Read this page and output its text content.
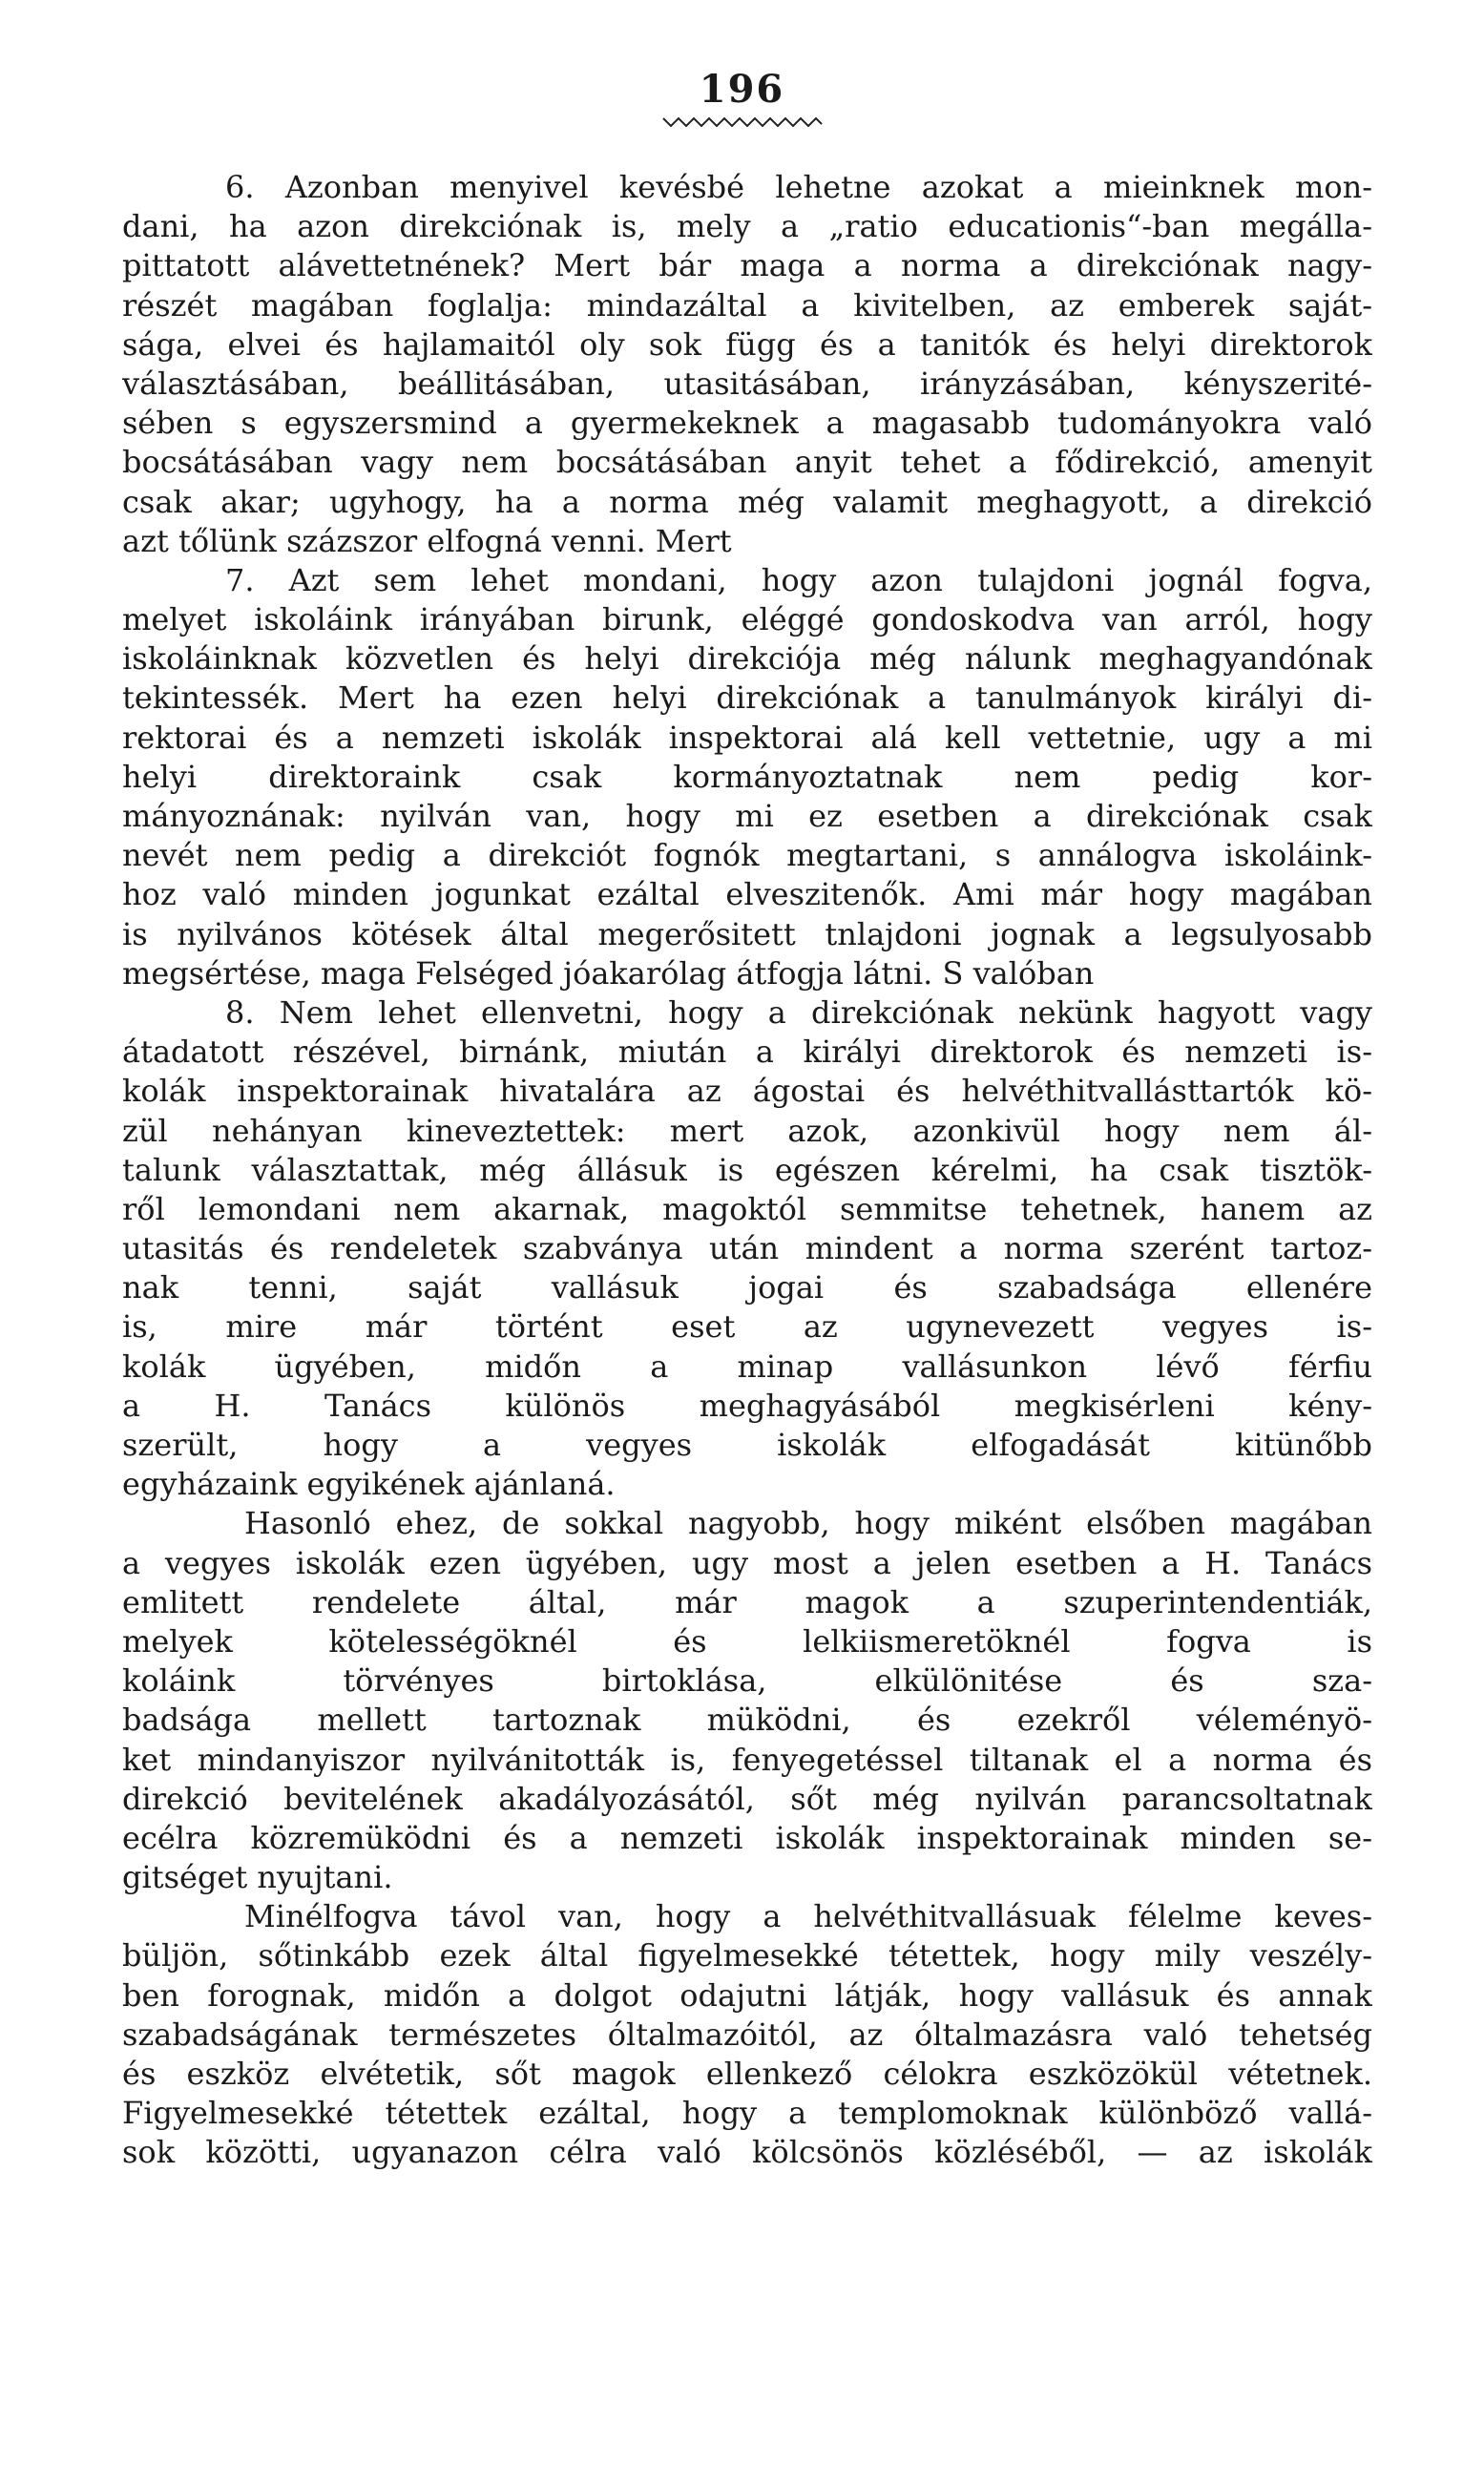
196
6. Azonban menyivel kevésbé lehetne azokat a mieinknek mon-
dani, ha azon direkciónak is, mely a „ratio educationis“-ban megálla-
pittatott alávettetnének? Mert bár maga a norma a direkciónak nagy-
részét magában foglalja: mindazáltal a kivitelben, az emberek saját-
sága, elvei és hajlamaitól oly sok függ és a tanitók és helyi direktorok
választásában, beállitásában, utasitásában, irányzásában, kényszerité-
sében s egyszersmind a gyermekeknek a magasabb tudományokra való
bocsátásában vagy nem bocsátásában anyit tehet a fődirekció, amenyit
csak akar; ugyhogy, ha a norma még valamit meghagyott, a direkció
azt tőlünk százszor elfogná venni. Mert
7. Azt sem lehet mondani, hogy azon tulajdoni jognál fogva,
melyet iskoláink irányában birunk, eléggé gondoskodva van arról, hogy
iskoláinknak közvetlen és helyi direkciója még nálunk meghagyandónak
tekintessék. Mert ha ezen helyi direkciónak a tanulmányok királyi di-
rektorai és a nemzeti iskolák inspektorai alá kell vettetnie, ugy a mi
helyi direktoraink csak kormányoztatnak nem pedig kor-
mányoznának: nyilván van, hogy mi ez esetben a direkciónak csak
nevét nem pedig a direkciót fognók megtartani, s annálogva iskoláink-
hoz való minden jogunkat ezáltal elveszitenők. Ami már hogy magában
is nyilvános kötések által megerősitett tnlajdoni jognak a legsulyosabb
megsértése, maga Felséged jóakarólag átfogja látni. S valóban
8. Nem lehet ellenvetni, hogy a direkciónak nekünk hagyott vagy
átadatott részével, birnánk, miután a királyi direktorok és nemzeti is-
kolák inspektorainak hivatalára az ágostai és helvéthitvallásttartók kö-
zül nehányan kineveztettek: mert azok, azonkivül hogy nem ál-
talunk választattak, még állásuk is egészen kérelmi, ha csak tisztök-
ről lemondani nem akarnak, magoktól semmitse tehetnek, hanem az
utasitás és rendeletek szabványa után mindent a norma szerént tartoz-
nak tenni, saját vallásuk jogai és szabadsága ellenére
is, mire már történt eset az ugynevezett vegyes is-
kolák ügyében, midőn a minap vallásunkon lévő férfiu
a H. Tanács különös meghagyásából megkisérleni kény-
szerült, hogy a vegyes iskolák elfogadását kitünőbb
egyházaink egyikének ajánlaná.
Hasonló ehez, de sokkal nagyobb, hogy miként elsőben magában
a vegyes iskolák ezen ügyében, ugy most a jelen esetben a H. Tanács
emlitett rendelete által, már magok a szuperintendentiák,
melyek kötelességöknél és lelkiismeretöknél fogva is
koláink törvényes birtoklása, elkülönitése és sza-
badsága mellett tartoznak müködni, és ezekről véleményö-
ket mindanyiszor nyilvánitották is, fenyegetéssel tiltanak el a norma és
direkció bevitelének akadályozásától, sőt még nyilván parancsoltatnak
ecélra közremüködni és a nemzeti iskolák inspektorainak minden se-
gitséget nyujtani.
Minélfogva távol van, hogy a helvéthitvallásuak félelme keves-
büljön, sőtinkább ezek által figyelmesekké tétettek, hogy mily veszély-
ben forognak, midőn a dolgot odajutni látják, hogy vallásuk és annak
szabadságának természetes óltalmazóitól, az óltalmazásra való tehetség
és eszköz elvétetik, sőt magok ellenkező célokra eszközökül vétetnek.
Figyelmesekké tétettek ezáltal, hogy a templomoknak különböző vallá-
sok közötti, ugyanazon célra való kölcsönös közléséből, — az iskolák
